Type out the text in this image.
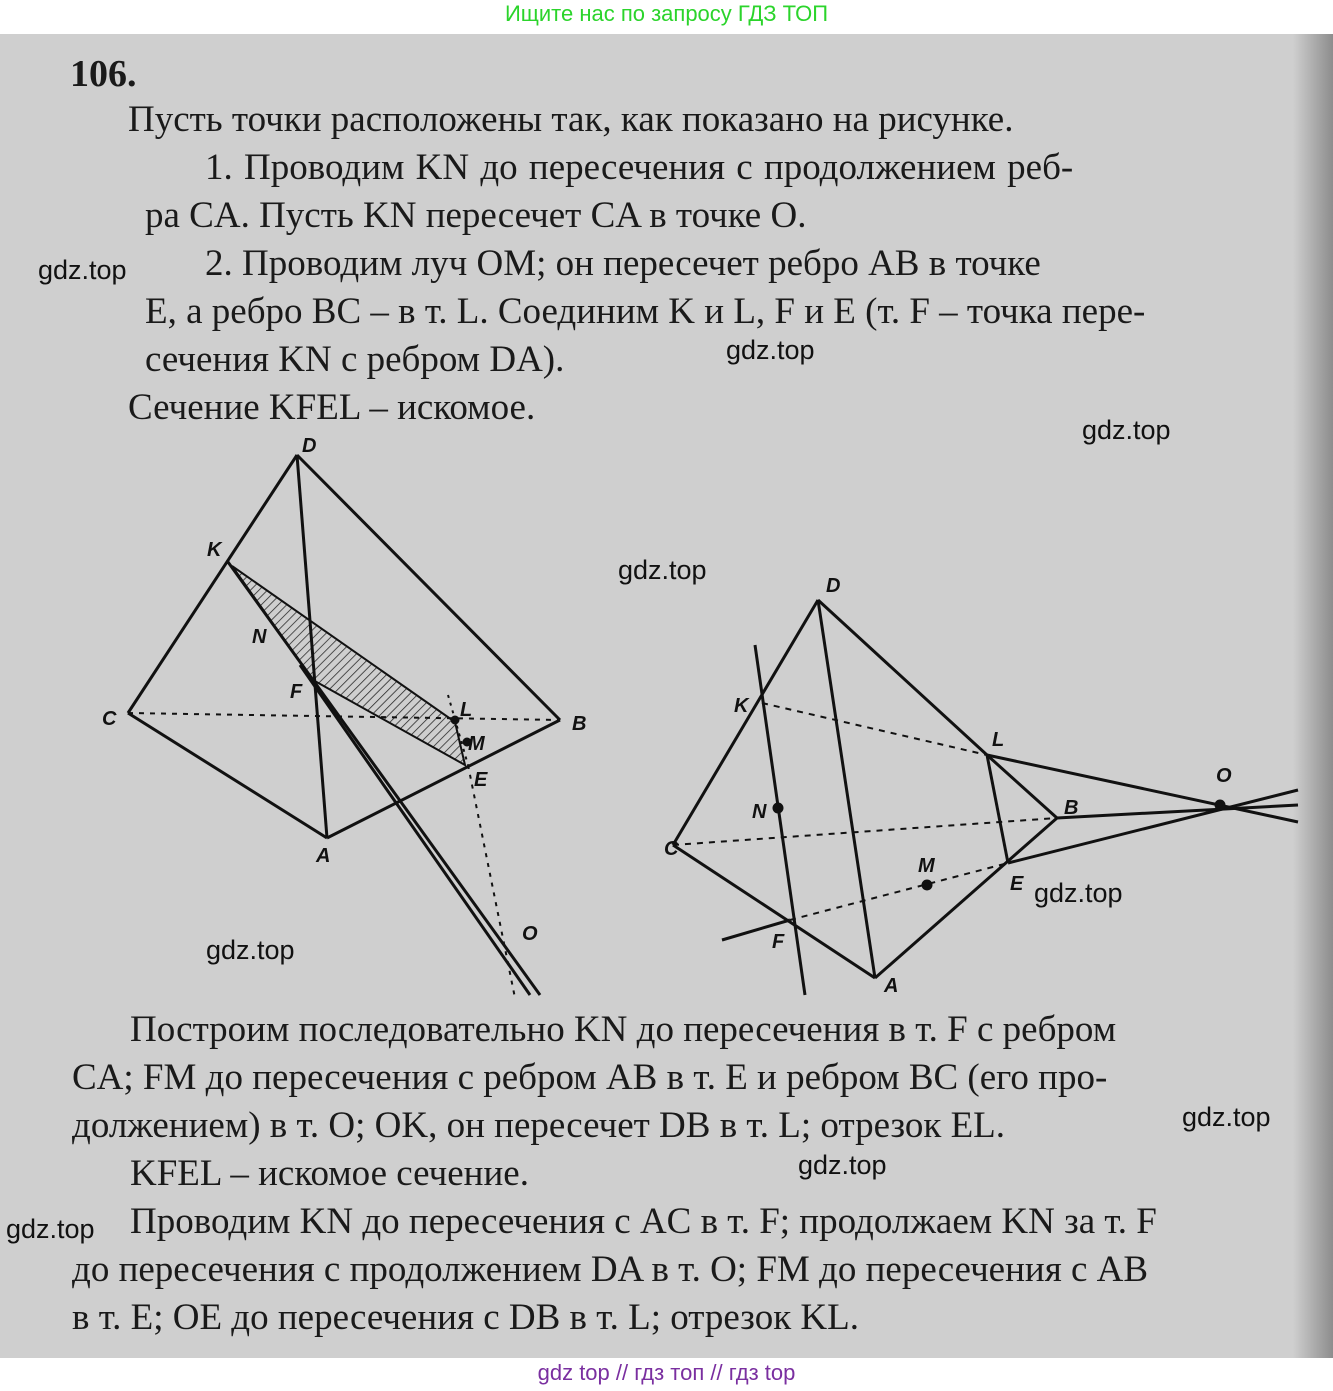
Ищите нас по запросу ГДЗ ТОП
106.
Пусть точки расположены так, как показано на рисунке.
1. Проводим KN до пересечения с продолжением реб-
ра CA. Пусть KN пересечет CA в точке O.
2. Проводим луч OM; он пересечет ребро AB в точке
E, а ребро BC – в т. L. Соединим K и L, F и E (т. F – точка пере-
сечения KN с ребром DA).
Сечение KFEL – искомое.
D
K
N
F
C	B
L
M
E
A
O
D
K
N
C
F
A
M
E
B
L
O
Построим последовательно KN до пересечения в т. F с ребром
CA; FM до пересечения с ребром AB в т. E и ребром BC (его про-
должением) в т. O; OK, он пересечет DB в т. L; отрезок EL.
KFEL – искомое сечение.
Проводим KN до пересечения с AC в т. F; продолжаем KN за т. F
до пересечения с продолжением DA в т. O; FM до пересечения с AB
в т. E; OE до пересечения с DB в т. L; отрезок KL.
gdz.top
gdz.top
gdz.top
gdz.top
gdz.top
gdz.top
gdz.top
gdz.top
gdz.top
gdz top // гдз топ // гдз top
